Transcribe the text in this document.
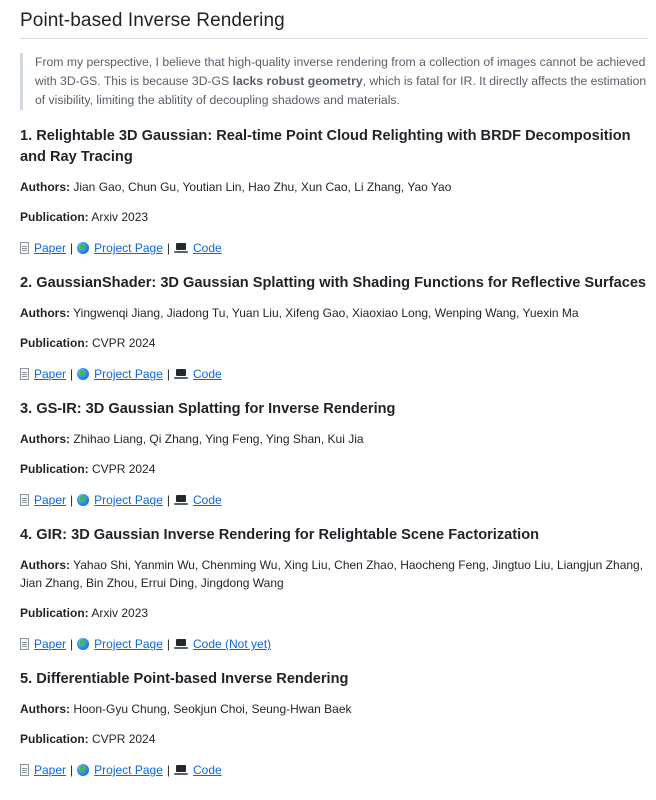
Point-based Inverse Rendering
From my perspective, I believe that high-quality inverse rendering from a collection of images cannot be achieved with 3D-GS. This is because 3D-GS lacks robust geometry, which is fatal for IR. It directly affects the estimation of visibility, limiting the ablitity of decoupling shadows and materials.
1. Relightable 3D Gaussian: Real-time Point Cloud Relighting with BRDF Decomposition and Ray Tracing
Authors: Jian Gao, Chun Gu, Youtian Lin, Hao Zhu, Xun Cao, Li Zhang, Yao Yao
Publication: Arxiv 2023
Paper | Project Page | Code
2. GaussianShader: 3D Gaussian Splatting with Shading Functions for Reflective Surfaces
Authors: Yingwenqi Jiang, Jiadong Tu, Yuan Liu, Xifeng Gao, Xiaoxiao Long, Wenping Wang, Yuexin Ma
Publication: CVPR 2024
Paper | Project Page | Code
3. GS-IR: 3D Gaussian Splatting for Inverse Rendering
Authors: Zhihao Liang, Qi Zhang, Ying Feng, Ying Shan, Kui Jia
Publication: CVPR 2024
Paper | Project Page | Code
4. GIR: 3D Gaussian Inverse Rendering for Relightable Scene Factorization
Authors: Yahao Shi, Yanmin Wu, Chenming Wu, Xing Liu, Chen Zhao, Haocheng Feng, Jingtuo Liu, Liangjun Zhang, Jian Zhang, Bin Zhou, Errui Ding, Jingdong Wang
Publication: Arxiv 2023
Paper | Project Page | Code (Not yet)
5. Differentiable Point-based Inverse Rendering
Authors: Hoon-Gyu Chung, Seokjun Choi, Seung-Hwan Baek
Publication: CVPR 2024
Paper | Project Page | Code
